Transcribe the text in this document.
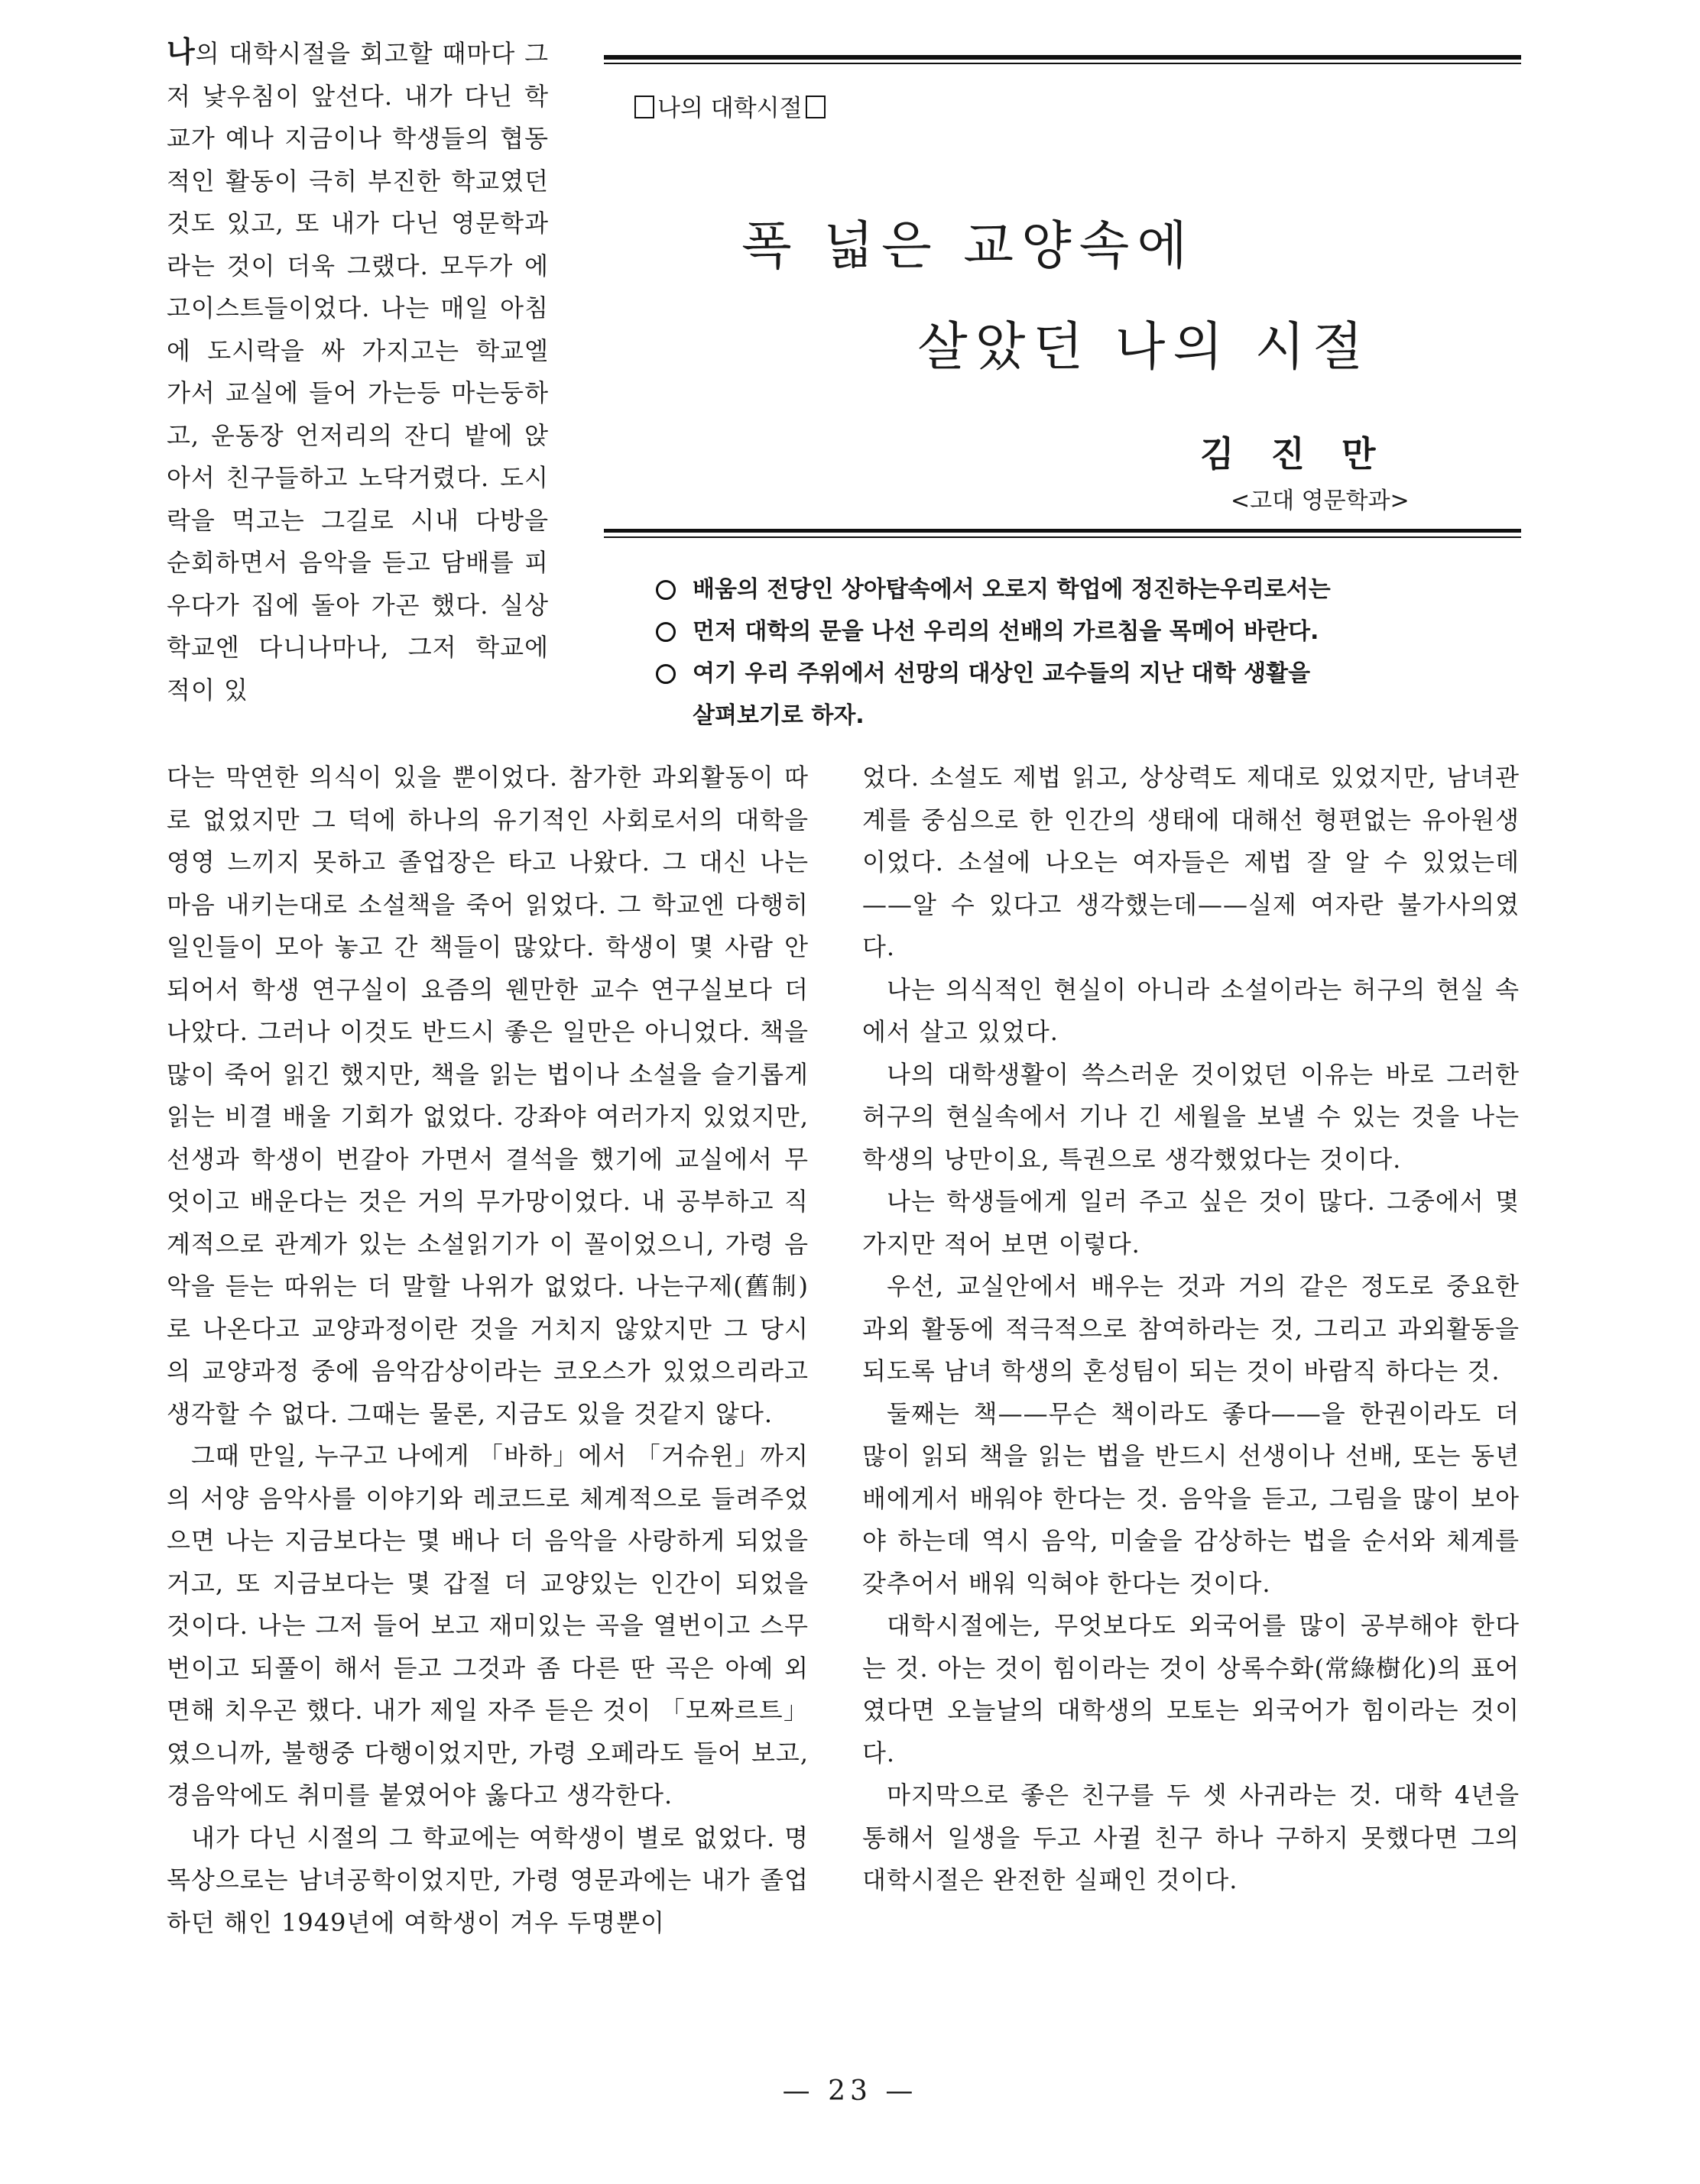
나의 대학시절
폭 넓은 교양속에
살았던 나의 시절
김   진   만
<고대 영문학과>
배움의 전당인 상아탑속에서 오로지 학업에 정진하는우리로서는
먼저 대학의 문을 나선 우리의 선배의 가르침을 목메어 바란다.
여기 우리 주위에서 선망의 대상인 교수들의 지난 대학 생활을
살펴보기로 하자.

나의 대학시절을 회고할 때마다 그저 낯우침이 앞선다. 내가 다닌 학교가 예나 지금이나 학생들의 협동적인 활동이 극히 부진한 학교였던 것도 있고, 또 내가 다닌 영문학과라는 것이 더욱 그랬다. 모두가 에고이스트들이었다. 나는 매일 아침에 도시락을 싸 가지고는 학교엘 가서 교실에 들어 가는등 마는둥하고, 운동장 언저리의 잔디 밭에 앉아서 친구들하고 노닥거렸다. 도시락을 먹고는 그길로 시내 다방을 순회하면서 음악을 듣고 담배를 피우다가 집에 돌아 가곤 했다. 실상 학교엔 다니나마나, 그저 학교에 적이 있

다는 막연한 의식이 있을 뿐이었다. 참가한 과외활동이 따로 없었지만 그 덕에 하나의 유기적인 사회로서의 대학을 영영 느끼지 못하고 졸업장은 타고 나왔다. 그 대신 나는 마음 내키는대로 소설책을 죽어 읽었다. 그 학교엔 다행히 일인들이 모아 놓고 간 책들이 많았다. 학생이 몇 사람 안 되어서 학생 연구실이 요즘의 웬만한 교수 연구실보다 더 나았다. 그러나 이것도 반드시 좋은 일만은 아니었다. 책을 많이 죽어 읽긴 했지만, 책을 읽는 법이나 소설을 슬기롭게 읽는 비결 배울 기회가 없었다. 강좌야 여러가지 있었지만, 선생과 학생이 번갈아 가면서 결석을 했기에 교실에서 무엇이고 배운다는 것은 거의 무가망이었다. 내 공부하고 직계적으로 관계가 있는 소설읽기가 이 꼴이었으니, 가령 음악을 듣는 따위는 더 말할 나위가 없었다. 나는구제(舊制)로 나온다고 교양과정이란 것을 거치지 않았지만 그 당시의 교양과정 중에 음악감상이라는 코오스가 있었으리라고 생각할 수 없다. 그때는 물론, 지금도 있을 것같지 않다.

그때 만일, 누구고 나에게 「바하」에서 「거슈윈」까지의 서양 음악사를 이야기와 레코드로 체계적으로 들려주었으면 나는 지금보다는 몇 배나 더 음악을 사랑하게 되었을거고, 또 지금보다는 몇 갑절 더 교양있는 인간이 되었을 것이다. 나는 그저 들어 보고 재미있는 곡을 열번이고 스무번이고 되풀이 해서 듣고 그것과 좀 다른 딴 곡은 아예 외면해 치우곤 했다. 내가 제일 자주 듣은 것이 「모짜르트」였으니까, 불행중 다행이었지만, 가령 오페라도 들어 보고, 경음악에도 취미를 붙였어야 옳다고 생각한다.

내가 다닌 시절의 그 학교에는 여학생이 별로 없었다. 명목상으로는 남녀공학이었지만, 가령 영문과에는 내가 졸업하던 해인 1949년에 여학생이 겨우 두명뿐이

었다. 소설도 제법 읽고, 상상력도 제대로 있었지만, 남녀관계를 중심으로 한 인간의 생태에 대해선 형편없는 유아원생이었다. 소설에 나오는 여자들은 제법 잘 알 수 있었는데——알 수 있다고 생각했는데——실제 여자란 불가사의였다.

나는 의식적인 현실이 아니라 소설이라는 허구의 현실 속에서 살고 있었다.

나의 대학생활이 쓱스러운 것이었던 이유는 바로 그러한 허구의 현실속에서 기나 긴 세월을 보낼 수 있는 것을 나는 학생의 낭만이요, 특권으로 생각했었다는 것이다.

나는 학생들에게 일러 주고 싶은 것이 많다. 그중에서 몇가지만 적어 보면 이렇다.

우선, 교실안에서 배우는 것과 거의 같은 정도로 중요한 과외 활동에 적극적으로 참여하라는 것, 그리고 과외활동을 되도록 남녀 학생의 혼성팀이 되는 것이 바람직 하다는 것.

둘째는 책——무슨 책이라도 좋다——을 한권이라도 더 많이 읽되 책을 읽는 법을 반드시 선생이나 선배, 또는 동년배에게서 배워야 한다는 것. 음악을 듣고, 그림을 많이 보아야 하는데 역시 음악, 미술을 감상하는 법을 순서와 체계를 갖추어서 배워 익혀야 한다는 것이다.

대학시절에는, 무엇보다도 외국어를 많이 공부해야 한다는 것. 아는 것이 힘이라는 것이 상록수화(常綠樹化)의 표어였다면 오늘날의 대학생의 모토는 외국어가 힘이라는 것이다.

마지막으로 좋은 친구를 두 셋 사귀라는 것. 대학 4년을 통해서 일생을 두고 사귈 친구 하나 구하지 못했다면 그의 대학시절은 완전한 실패인 것이다.

— 23 —
